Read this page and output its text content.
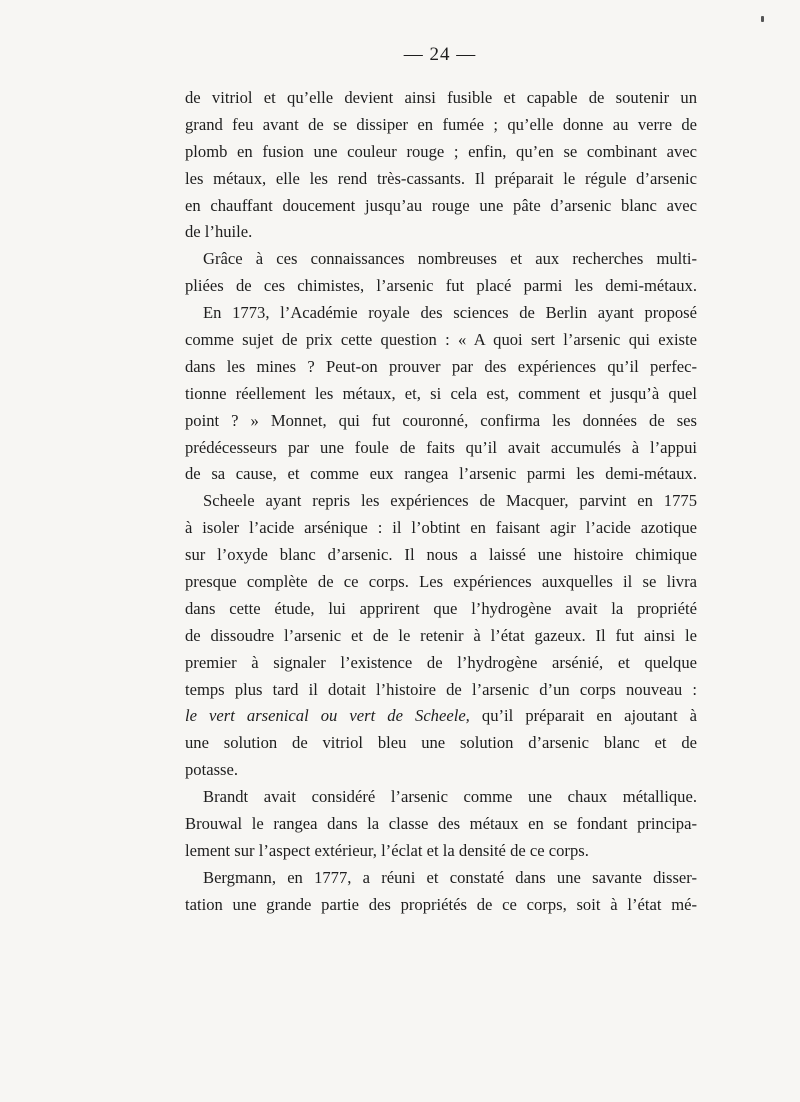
— 24 —
de vitriol et qu’elle devient ainsi fusible et capable de soutenir un
grand feu avant de se dissiper en fumée ; qu’elle donne au verre de
plomb en fusion une couleur rouge ; enfin, qu’en se combinant avec
les métaux, elle les rend très-cassants. Il préparait le régule d’arsenic
en chauffant doucement jusqu’au rouge une pâte d’arsenic blanc avec
de l’huile.
Grâce à ces connaissances nombreuses et aux recherches multi-
pliées de ces chimistes, l’arsenic fut placé parmi les demi-métaux.
En 1773, l’Académie royale des sciences de Berlin ayant proposé
comme sujet de prix cette question : « A quoi sert l’arsenic qui existe
dans les mines ? Peut-on prouver par des expériences qu’il perfec-
tionne réellement les métaux, et, si cela est, comment et jusqu’à quel
point ? » Monnet, qui fut couronné, confirma les données de ses
prédécesseurs par une foule de faits qu’il avait accumulés à l’appui
de sa cause, et comme eux rangea l’arsenic parmi les demi-métaux.
Scheele ayant repris les expériences de Macquer, parvint en 1775
à isoler l’acide arsénique : il l’obtint en faisant agir l’acide azotique
sur l’oxyde blanc d’arsenic. Il nous a laissé une histoire chimique
presque complète de ce corps. Les expériences auxquelles il se livra
dans cette étude, lui apprirent que l’hydrogène avait la propriété
de dissoudre l’arsenic et de le retenir à l’état gazeux. Il fut ainsi le
premier à signaler l’existence de l’hydrogène arsénié, et quelque
temps plus tard il dotait l’histoire de l’arsenic d’un corps nouveau :
le vert arsenical ou vert de Scheele, qu’il préparait en ajoutant à
une solution de vitriol bleu une solution d’arsenic blanc et de
potasse.
Brandt avait considéré l’arsenic comme une chaux métallique.
Brouwal le rangea dans la classe des métaux en se fondant principa-
lement sur l’aspect extérieur, l’éclat et la densité de ce corps.
Bergmann, en 1777, a réuni et constaté dans une savante disser-
tation une grande partie des propriétés de ce corps, soit à l’état mé-
